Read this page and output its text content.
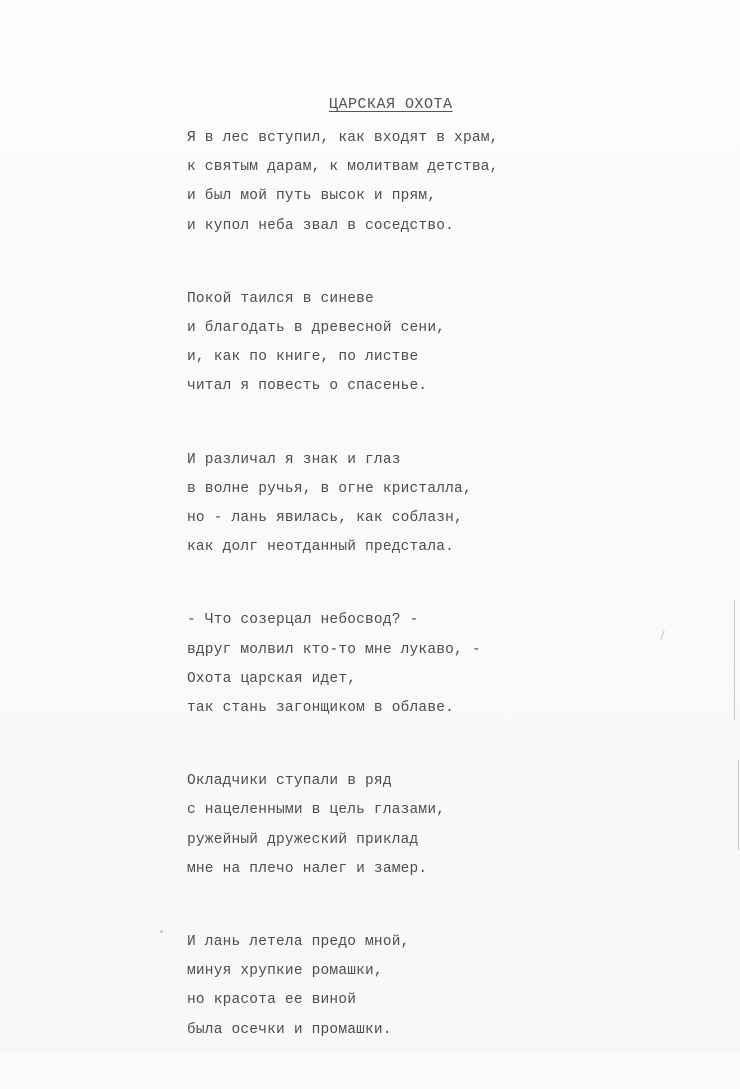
ЦАРСКАЯ ОХОТА
Я в лес вступил, как входят в храм,
к святым дарам, к молитвам детства,
и был мой путь высок и прям,
и купол неба звал в соседство.
Покой таился в синеве
и благодать в древесной сени,
и, как по книге, по листве
читал я повесть о спасенье.
И различал я знак и глаз
в волне ручья, в огне кристалла,
но - лань явилась, как соблазн,
как долг неотданный предстала.
- Что созерцал небосвод? -
вдруг молвил кто-то мне лукаво, -
Охота царская идет,
так стань загонщиком в облаве.
Окладчики ступали в ряд
с нацеленными в цель глазами,
ружейный дружеский приклад
мне на плечо налег и замер.
И лань летела предо мной,
минуя хрупкие ромашки,
но красота ее виной
была осечки и промашки.
